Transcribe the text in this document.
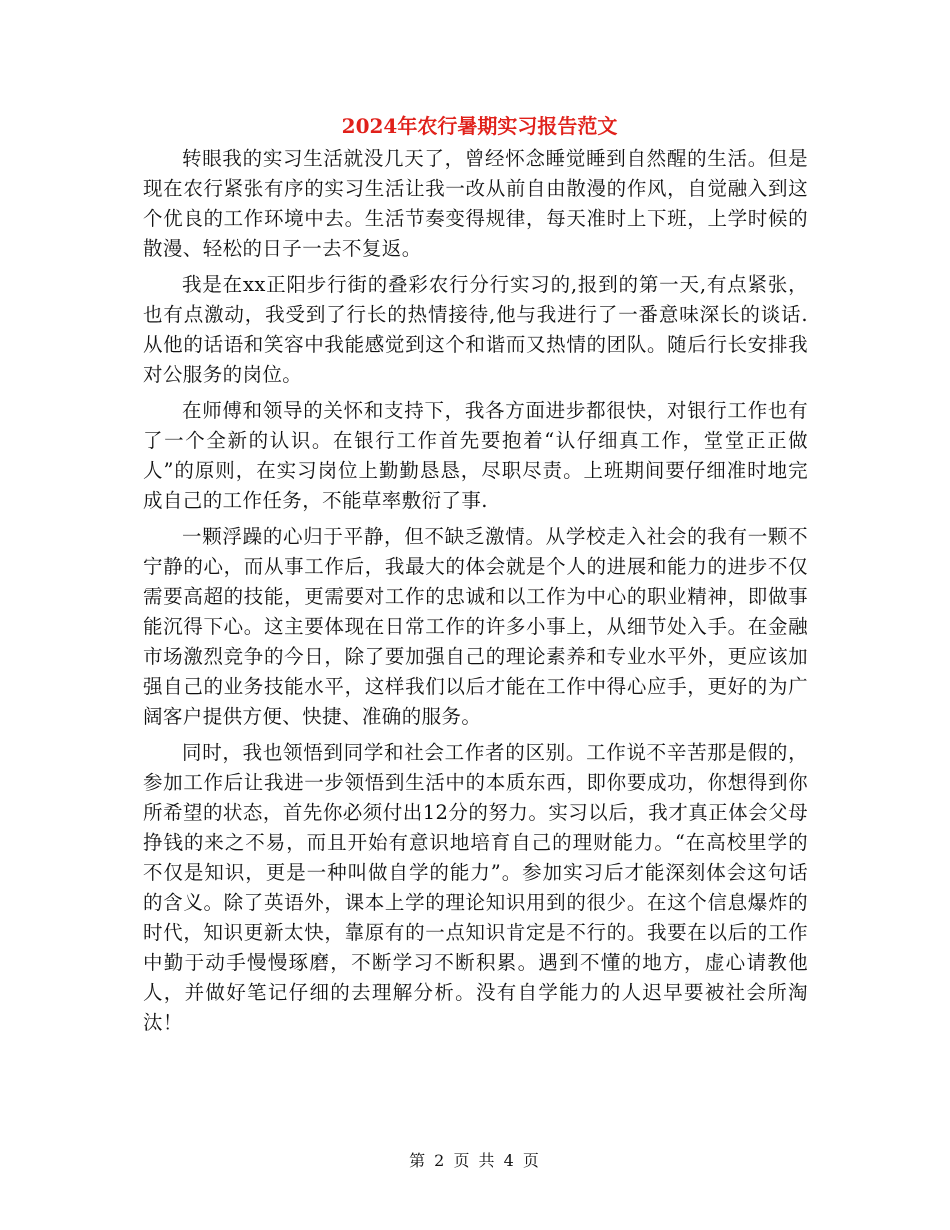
2024年农行暑期实习报告范文

转眼我的实习生活就没几天了，曾经怀念睡觉睡到自然醒的生活。但是现在农行紧张有序的实习生活让我一改从前自由散漫的作风，自觉融入到这个优良的工作环境中去。生活节奏变得规律，每天准时上下班，上学时候的散漫、轻松的日子一去不复返。

我是在xx正阳步行街的叠彩农行分行实习的,报到的第一天,有点紧张，也有点激动，我受到了行长的热情接待,他与我进行了一番意味深长的谈话.从他的话语和笑容中我能感觉到这个和谐而又热情的团队。随后行长安排我对公服务的岗位。

在师傅和领导的关怀和支持下，我各方面进步都很快，对银行工作也有了一个全新的认识。在银行工作首先要抱着“认仔细真工作，堂堂正正做人”的原则，在实习岗位上勤勤恳恳，尽职尽责。上班期间要仔细准时地完成自己的工作任务，不能草率敷衍了事.

一颗浮躁的心归于平静，但不缺乏激情。从学校走入社会的我有一颗不宁静的心，而从事工作后，我最大的体会就是个人的进展和能力的进步不仅需要高超的技能，更需要对工作的忠诚和以工作为中心的职业精神，即做事能沉得下心。这主要体现在日常工作的许多小事上，从细节处入手。在金融市场激烈竞争的今日，除了要加强自己的理论素养和专业水平外，更应该加强自己的业务技能水平，这样我们以后才能在工作中得心应手，更好的为广阔客户提供方便、快捷、准确的服务。

同时，我也领悟到同学和社会工作者的区别。工作说不辛苦那是假的，参加工作后让我进一步领悟到生活中的本质东西，即你要成功，你想得到你所希望的状态，首先你必须付出12分的努力。实习以后，我才真正体会父母挣钱的来之不易，而且开始有意识地培育自己的理财能力。“在高校里学的不仅是知识，更是一种叫做自学的能力”。参加实习后才能深刻体会这句话的含义。除了英语外，课本上学的理论知识用到的很少。在这个信息爆炸的时代，知识更新太快，靠原有的一点知识肯定是不行的。我要在以后的工作中勤于动手慢慢琢磨，不断学习不断积累。遇到不懂的地方，虚心请教他人，并做好笔记仔细的去理解分析。没有自学能力的人迟早要被社会所淘汰！

第 2 页 共 4 页
